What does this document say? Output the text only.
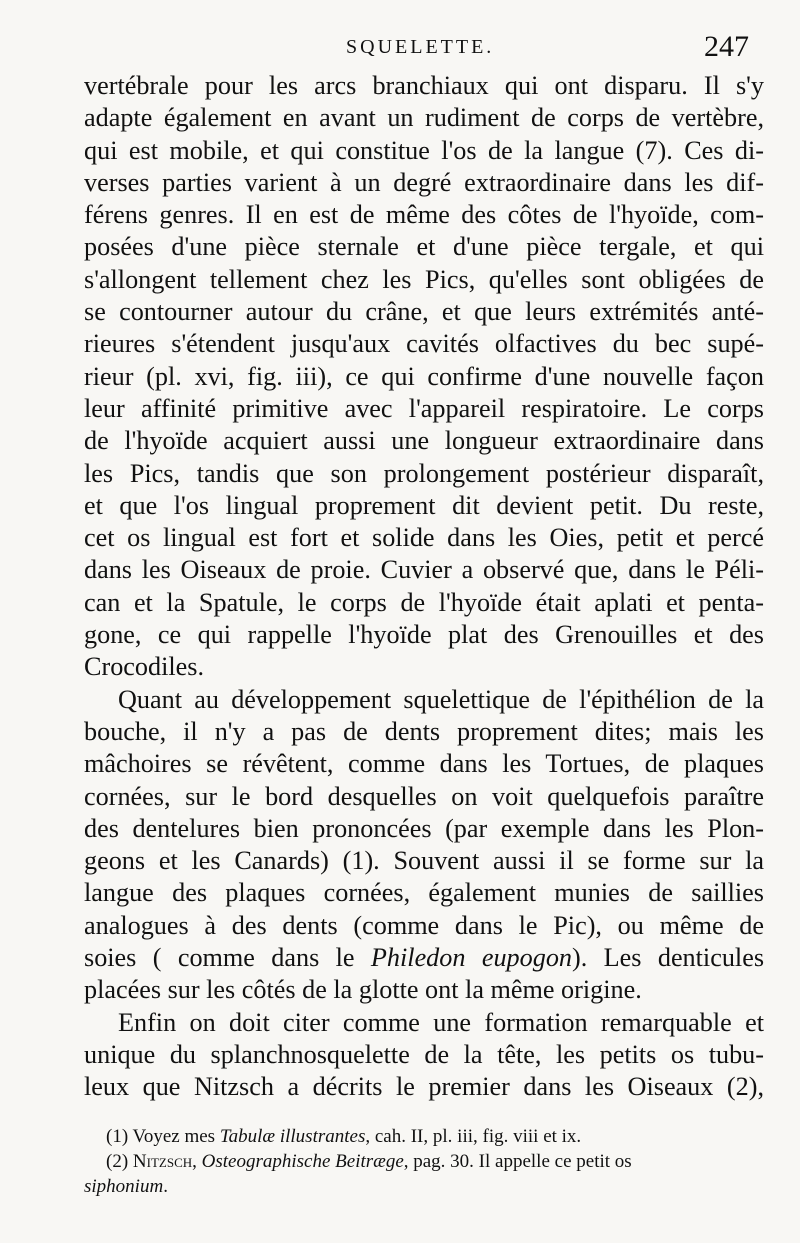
SQUELETTE.	247
vertébrale pour les arcs branchiaux qui ont disparu. Il s'y
adapte également en avant un rudiment de corps de vertèbre,
qui est mobile, et qui constitue l'os de la langue (7). Ces di-
verses parties varient à un degré extraordinaire dans les dif-
férens genres. Il en est de même des côtes de l'hyoïde, com-
posées d'une pièce sternale et d'une pièce tergale, et qui
s'allongent tellement chez les Pics, qu'elles sont obligées de
se contourner autour du crâne, et que leurs extrémités anté-
rieures s'étendent jusqu'aux cavités olfactives du bec supé-
rieur (pl. xvi, fig. iii), ce qui confirme d'une nouvelle façon
leur affinité primitive avec l'appareil respiratoire. Le corps
de l'hyoïde acquiert aussi une longueur extraordinaire dans
les Pics, tandis que son prolongement postérieur disparaît,
et que l'os lingual proprement dit devient petit. Du reste,
cet os lingual est fort et solide dans les Oies, petit et percé
dans les Oiseaux de proie. Cuvier a observé que, dans le Péli-
can et la Spatule, le corps de l'hyoïde était aplati et penta-
gone, ce qui rappelle l'hyoïde plat des Grenouilles et des
Crocodiles.
Quant au développement squelettique de l'épithélion de la
bouche, il n'y a pas de dents proprement dites; mais les
mâchoires se révêtent, comme dans les Tortues, de plaques
cornées, sur le bord desquelles on voit quelquefois paraître
des dentelures bien prononcées (par exemple dans les Plon-
geons et les Canards) (1). Souvent aussi il se forme sur la
langue des plaques cornées, également munies de saillies
analogues à des dents (comme dans le Pic), ou même de
soies ( comme dans le Philedon eupogon). Les denticules
placées sur les côtés de la glotte ont la même origine.
Enfin on doit citer comme une formation remarquable et
unique du splanchnosquelette de la tête, les petits os tubu-
leux que Nitzsch a décrits le premier dans les Oiseaux (2),
(1) Voyez mes Tabulæ illustrantes, cah. II, pl. iii, fig. viii et ix.
(2) Nitzsch, Osteographische Beitræge, pag. 30. Il appelle ce petit os
siphonium.
